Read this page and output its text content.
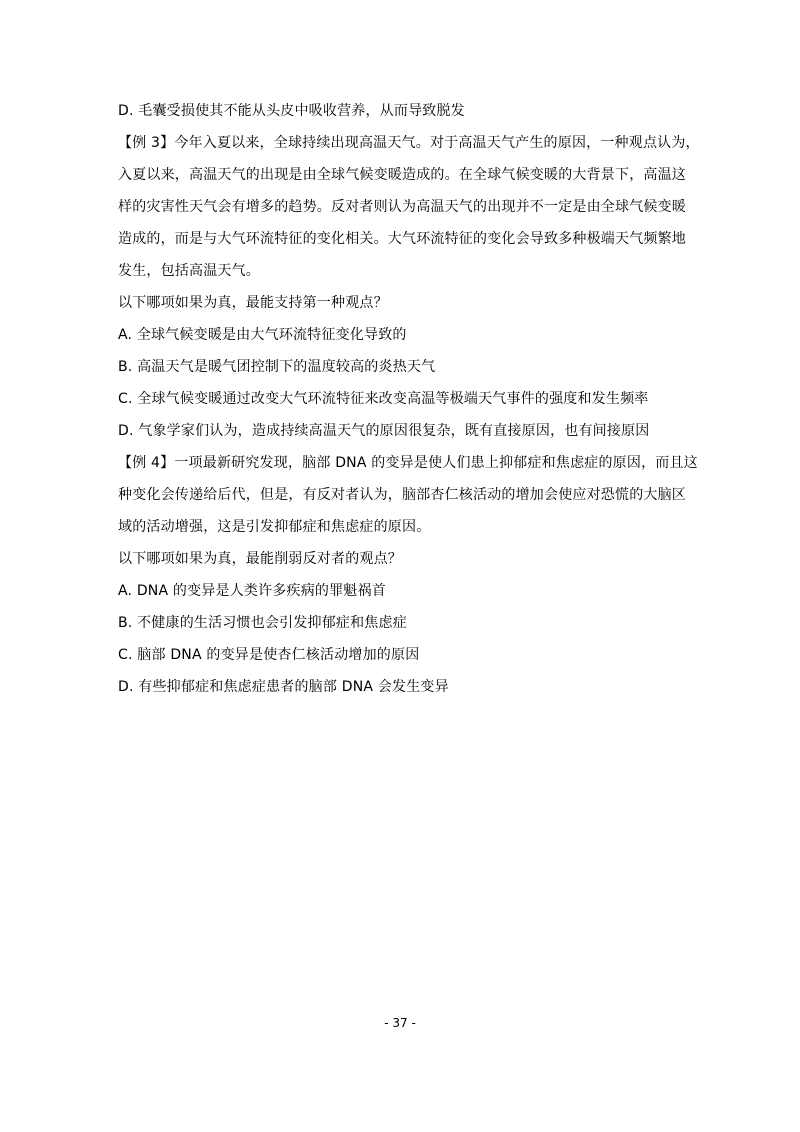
D. 毛囊受损使其不能从头皮中吸收营养，从而导致脱发
【例 3】今年入夏以来，全球持续出现高温天气。对于高温天气产生的原因，一种观点认为，
入夏以来，高温天气的出现是由全球气候变暖造成的。在全球气候变暖的大背景下，高温这
样的灾害性天气会有增多的趋势。反对者则认为高温天气的出现并不一定是由全球气候变暖
造成的，而是与大气环流特征的变化相关。大气环流特征的变化会导致多种极端天气频繁地
发生，包括高温天气。
以下哪项如果为真，最能支持第一种观点？
A. 全球气候变暖是由大气环流特征变化导致的
B. 高温天气是暖气团控制下的温度较高的炎热天气
C. 全球气候变暖通过改变大气环流特征来改变高温等极端天气事件的强度和发生频率
D. 气象学家们认为，造成持续高温天气的原因很复杂，既有直接原因，也有间接原因
【例 4】一项最新研究发现，脑部 DNA 的变异是使人们患上抑郁症和焦虑症的原因，而且这
种变化会传递给后代，但是，有反对者认为，脑部杏仁核活动的增加会使应对恐慌的大脑区
域的活动增强，这是引发抑郁症和焦虑症的原因。
以下哪项如果为真，最能削弱反对者的观点？
A. DNA 的变异是人类许多疾病的罪魁祸首
B. 不健康的生活习惯也会引发抑郁症和焦虑症
C. 脑部 DNA 的变异是使杏仁核活动增加的原因
D. 有些抑郁症和焦虑症患者的脑部 DNA 会发生变异
- 37 -
